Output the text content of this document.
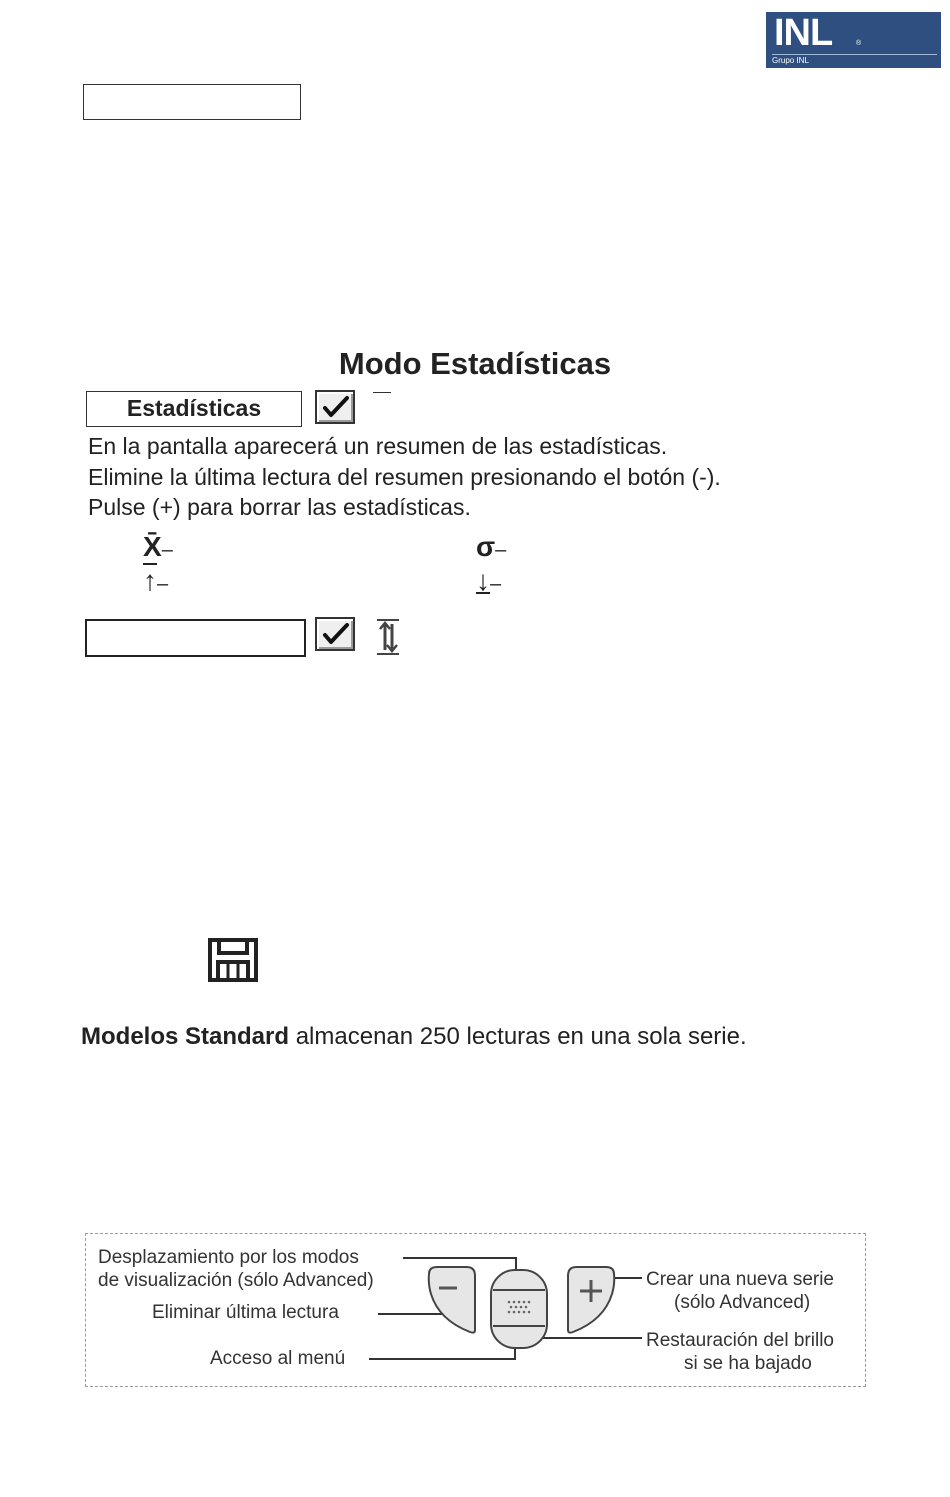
INL	®
Grupo INL
Modo Estadísticas
Estadísticas
En la pantalla aparecerá un resumen de las estadísticas.
Elimine la última lectura del resumen presionando el botón (-).
Pulse (+) para borrar las estadísticas.
X̄–	σ–
↑–	↓–
Modelos Standard almacenan 250 lecturas en una sola serie.
Desplazamiento por los modos
de visualización (sólo Advanced)
Eliminar última lectura
Acceso al menú
Crear una nueva serie
(sólo Advanced)
Restauración del brillo
si se ha bajado
